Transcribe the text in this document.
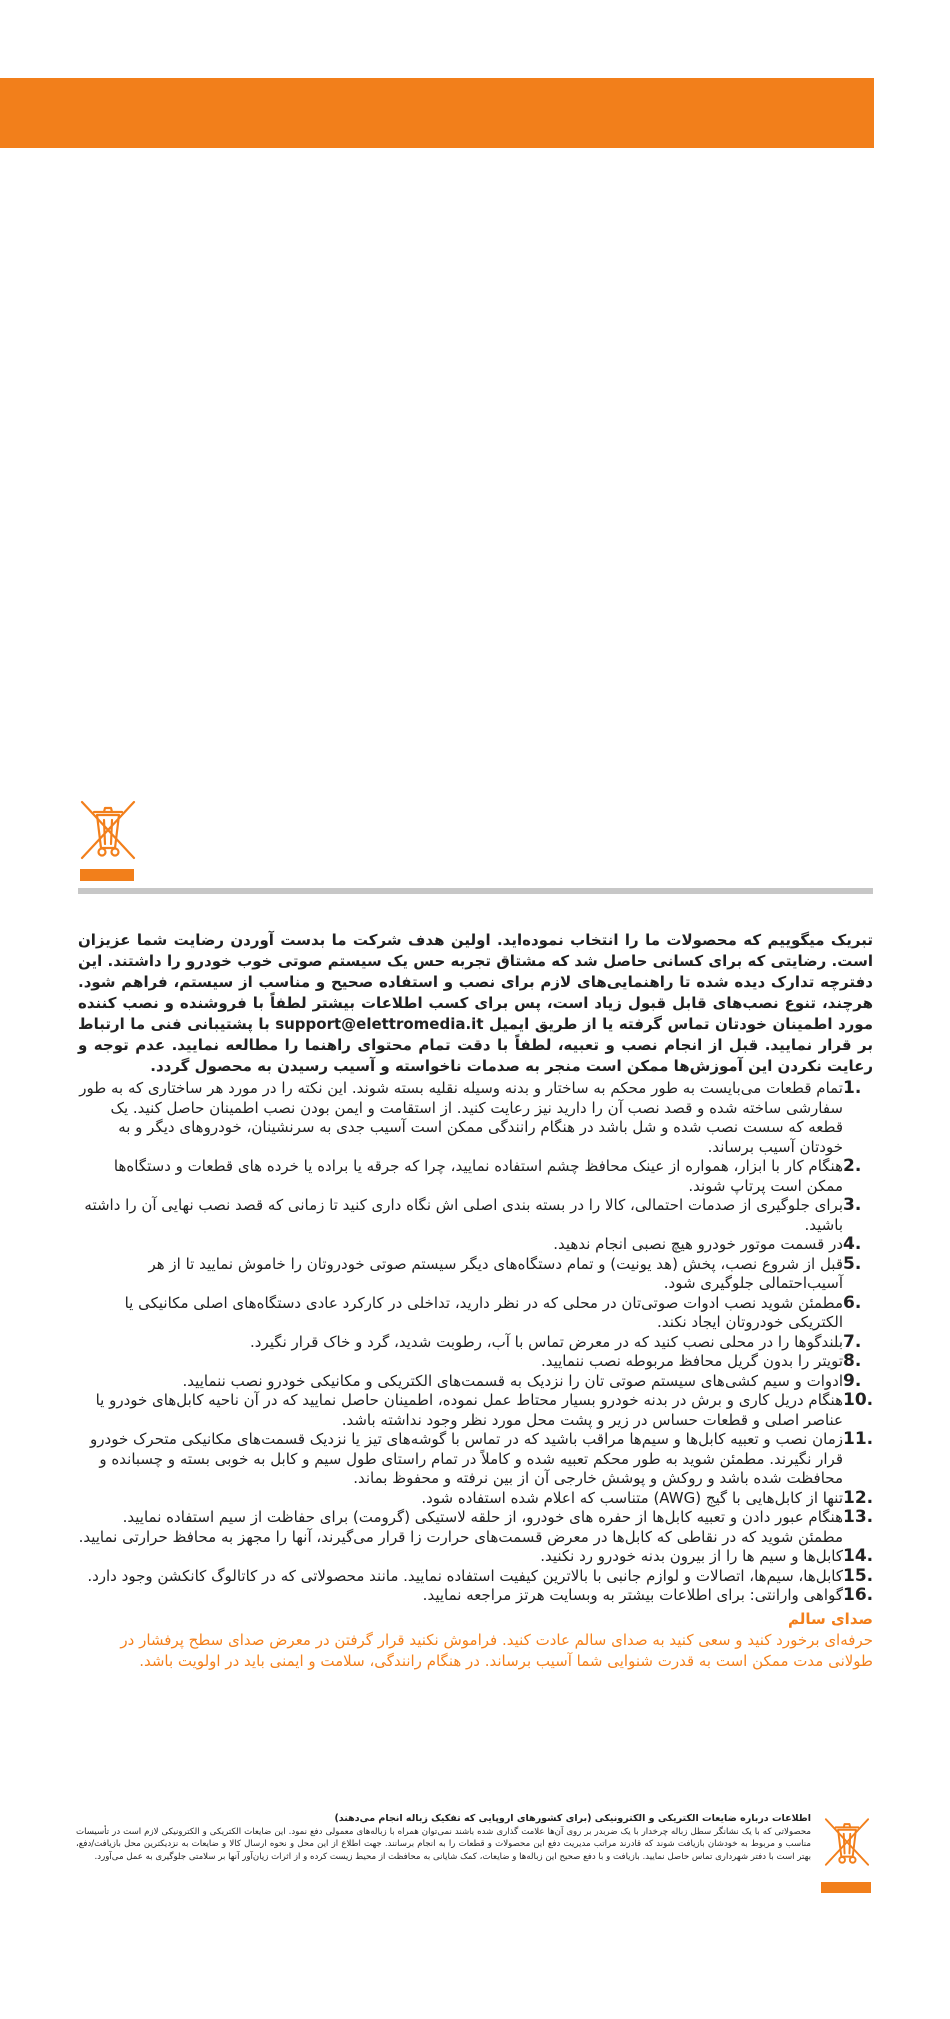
تبریک میگوییم که محصولات ما را انتخاب نموده‌اید. اولین هدف شرکت ما بدست آوردن رضایت شما عزیزان است. رضایتی که برای کسانی حاصل شد که مشتاق تجربه حس یک سیستم صوتی خوب خودرو را داشتند. این دفترچه تدارک دیده شده تا راهنمایی‌های لازم برای نصب و استفاده صحیح و مناسب از سیستم، فراهم شود. هرچند، تنوع نصب‌های قابل قبول زیاد است، پس برای کسب اطلاعات بیشتر لطفاً با فروشنده و نصب کننده مورد اطمینان خودتان تماس گرفته یا از طریق ایمیل support@elettromedia.it با پشتیبانی فنی ما ارتباط بر قرار نمایید. قبل از انجام نصب و تعبیه، لطفاً با دقت تمام محتوای راهنما را مطالعه نمایید. عدم توجه و رعایت نکردن این آموزش‌ها ممکن است منجر به صدمات ناخواسته و آسیب رسیدن به محصول گردد.

1.
تمام قطعات می‌بایست به طور محکم به ساختار و بدنه وسیله نقلیه بسته شوند. این نکته را در مورد هر ساختاری که به طور سفارشی ساخته شده و قصد نصب آن را دارید نیز رعایت کنید. از استقامت و ایمن بودن نصب اطمینان حاصل کنید. یک قطعه که سست نصب شده و شل باشد در هنگام رانندگی ممکن است آسیب جدی به سرنشینان، خودروهای دیگر و به خودتان آسیب برساند.
2.
هنگام کار با ابزار، همواره از عینک محافظ چشم استفاده نمایید، چرا که جرقه یا براده یا خرده های قطعات و دستگاه‌ها ممکن است پرتاپ شوند.
3.
برای جلوگیری از صدمات احتمالی، کالا را در بسته بندی اصلی اش نگاه داری کنید تا زمانی که قصد نصب نهایی آن را داشته باشید.
4.
در قسمت موتور خودرو هیچ نصبی انجام ندهید.
5.
قبل از شروع نصب، پخش (هد یونیت) و تمام دستگاه‌های دیگر سیستم صوتی خودروتان را خاموش نمایید تا از هر آسیب‌احتمالی جلوگیری شود.
6.
مطمئن شوید نصب ادوات صوتی‌تان در محلی که در نظر دارید، تداخلی در کارکرد عادی دستگاه‌های اصلی مکانیکی یا الکتریکی خودروتان ایجاد نکند.
7.
بلندگوها را در محلی نصب کنید که در معرض تماس با آب، رطوبت شدید، گرد و خاک قرار نگیرد.
8.
تویتر را بدون گریل محافظ مربوطه نصب ننمایید.
9.
ادوات و سیم کشی‌های سیستم صوتی تان را نزدیک به قسمت‌های الکتریکی و مکانیکی خودرو نصب ننمایید.
10.
هنگام دریل کاری و برش در بدنه خودرو بسیار محتاط عمل نموده، اطمینان حاصل نمایید که در آن ناحیه کابل‌های خودرو یا عناصر اصلی و قطعات حساس در زیر و پشت محل مورد نظر وجود نداشته باشد.
11.
زمان نصب و تعبیه کابل‌ها و سیم‌ها مراقب باشید که در تماس با گوشه‌های تیز یا نزدیک قسمت‌های مکانیکی متحرک خودرو قرار نگیرند. مطمئن شوید به طور محکم تعبیه شده و کاملاً در تمام راستای طول سیم و کابل به خوبی بسته و چسبانده و محافظت شده باشد و روکش و پوشش خارجی آن از بین نرفته و محفوظ بماند.
12.
تنها از کابل‌هایی با گیج (AWG) متناسب که اعلام شده استفاده شود.
13.
هنگام عبور دادن و تعبیه کابل‌ها از حفره های خودرو، از حلقه لاستیکی (گرومت) برای حفاظت از سیم استفاده نمایید. مطمئن شوید که در نقاطی که کابل‌ها در معرض قسمت‌های حرارت زا قرار می‌گیرند، آنها را مجهز به محافظ حرارتی نمایید.
14.
کابل‌ها و سیم ها را از بیرون بدنه خودرو رد نکنید.
15.
کابل‌ها، سیم‌ها، اتصالات و لوازم جانبی با بالاترین کیفیت استفاده نمایید. مانند محصولاتی که در کاتالوگ کانکشن وجود دارد.
16.
گواهی وارانتی: برای اطلاعات بیشتر به وبسایت هرتز مراجعه نمایید.
صدای سالم
حرفه‌ای برخورد کنید و سعی کنید به صدای سالم عادت کنید. فراموش نکنید قرار گرفتن در معرض صدای سطح پرفشار در طولانی مدت ممکن است به قدرت شنوایی شما آسیب برساند. در هنگام رانندگی، سلامت و ایمنی باید در اولویت باشد.
اطلاعات درباره ضایعات الکتریکی و الکترونیکی (برای کشورهای اروپایی که تفکیک زباله انجام می‌دهند)
محصولاتی که با یک نشانگر سطل زباله چرخدار با یک ضربدر بر روی آن‌ها علامت گذاری شده باشند نمی‌توان همراه با زباله‌های معمولی دفع نمود. این ضایعات الکتریکی و الکترونیکی لازم است در تأسیسات مناسب و مربوط به خودشان بازیافت شوند که قادرند مراتب مدیریت دفع این محصولات و قطعات را به انجام برسانند. جهت اطلاع از این محل و نحوه ارسال کالا و ضایعات به نزدیکترین محل بازیافت/دفع، بهتر است با دفتر شهرداری تماس حاصل نمایید. بازیافت و با دفع صحیح این زباله‌ها و ضایعات، کمک شایانی به محافظت از محیط زیست کرده و از اثرات زیان‌آور آنها بر سلامتی جلوگیری به عمل می‌آورد.
